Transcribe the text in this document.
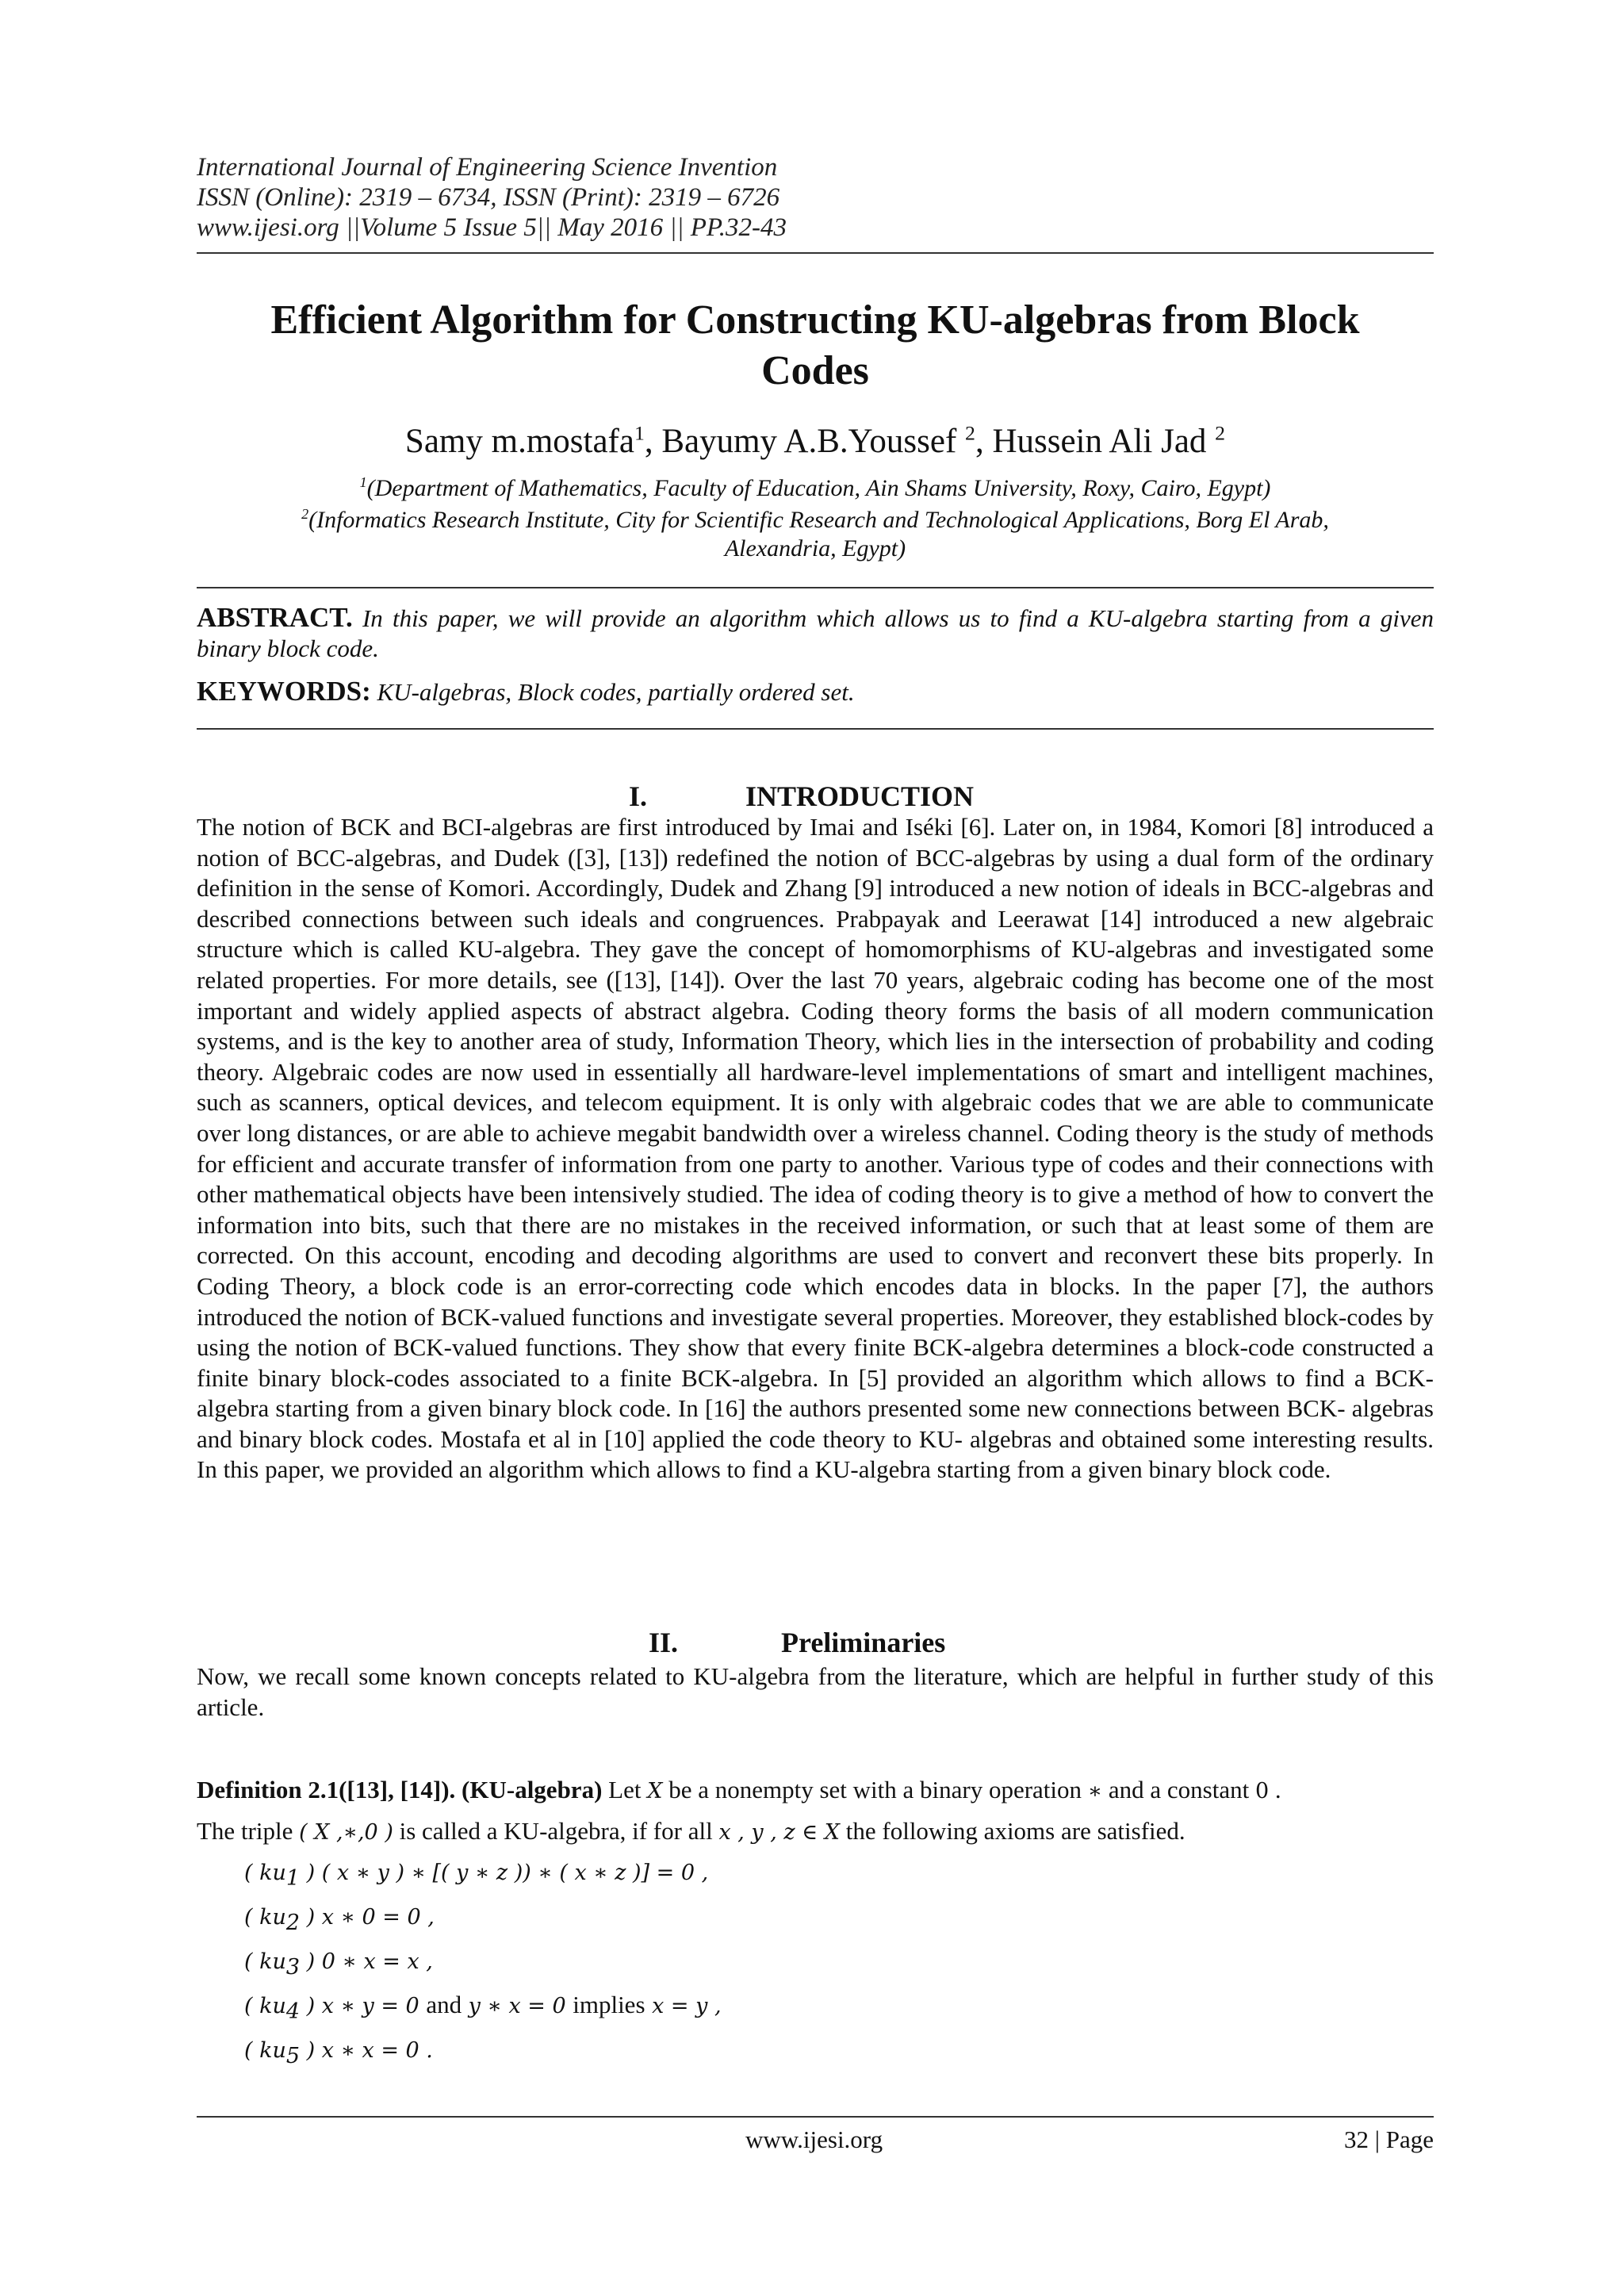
International Journal of Engineering Science Invention
ISSN (Online): 2319 – 6734, ISSN (Print): 2319 – 6726
www.ijesi.org ||Volume 5 Issue 5|| May 2016 || PP.32-43
Efficient Algorithm for Constructing KU-algebras from Block
Codes
Samy m.mostafa$^1$, Bayumy A.B.Youssef $^2$, Hussein Ali Jad $^2$
$^1$(Department of Mathematics, Faculty of Education, Ain Shams University, Roxy, Cairo, Egypt)
$^2$(Informatics Research Institute, City for Scientific Research and Technological Applications, Borg El Arab,
Alexandria, Egypt)
ABSTRACT. In this paper, we will provide an algorithm which allows us to find a KU-algebra starting from a given binary block code.
KEYWORDS: KU-algebras, Block codes, partially ordered set.
I.	INTRODUCTION
The notion of BCK and BCI-algebras are first introduced by Imai and Iséki [6]. Later on, in 1984, Komori [8] introduced a notion of BCC-algebras, and Dudek ([3], [13]) redefined the notion of BCC-algebras by using a dual form of the ordinary definition in the sense of Komori. Accordingly, Dudek and Zhang [9] introduced a new notion of ideals in BCC-algebras and described connections between such ideals and congruences. Prabpayak and Leerawat [14] introduced a new algebraic structure which is called KU-algebra. They gave the concept of homomorphisms of KU-algebras and investigated some related properties. For more details, see ([13], [14]). Over the last 70 years, algebraic coding has become one of the most important and widely applied aspects of abstract algebra. Coding theory forms the basis of all modern communication systems, and is the key to another area of study, Information Theory, which lies in the intersection of probability and coding theory. Algebraic codes are now used in essentially all hardware-level implementations of smart and intelligent machines, such as scanners, optical devices, and telecom equipment. It is only with algebraic codes that we are able to communicate over long distances, or are able to achieve megabit bandwidth over a wireless channel. Coding theory is the study of methods for efficient and accurate transfer of information from one party to another. Various type of codes and their connections with other mathematical objects have been intensively studied. The idea of coding theory is to give a method of how to convert the information into bits, such that there are no mistakes in the received information, or such that at least some of them are corrected. On this account, encoding and decoding algorithms are used to convert and reconvert these bits properly. In Coding Theory, a block code is an error-correcting code which encodes data in blocks. In the paper [7], the authors introduced the notion of BCK-valued functions and investigate several properties. Moreover, they established block-codes by using the notion of BCK-valued functions. They show that every finite BCK-algebra determines a block-code constructed a finite binary block-codes associated to a finite BCK-algebra. In [5] provided an algorithm which allows to find a BCK-algebra starting from a given binary block code. In [16] the authors presented some new connections between BCK- algebras and binary block codes. Mostafa et al in [10] applied the code theory to KU- algebras and obtained some interesting results. In this paper, we provided an algorithm which allows to find a KU-algebra starting from a given binary block code.
II.	Preliminaries
Now, we recall some known concepts related to KU-algebra from the literature, which are helpful in further study of this article.
Definition 2.1([13], [14]). (KU-algebra) Let X be a nonempty set with a binary operation ∗ and a constant 0 .
The triple ( X ,∗,0 ) is called a KU-algebra, if for all x , y , z ∈ X the following axioms are satisfied.
( $ku_1$ ) ( x ∗ y ) ∗ [( y ∗ z )) ∗ ( x ∗ z )] = 0 ,
( $ku_2$ ) x ∗ 0 = 0 ,
( $ku_3$ ) 0 ∗ x = x ,
( $ku_4$ ) x ∗ y = 0 and y ∗ x = 0 implies x = y ,
( $ku_5$ ) x ∗ x = 0 .
www.ijesi.org	32 | Page
